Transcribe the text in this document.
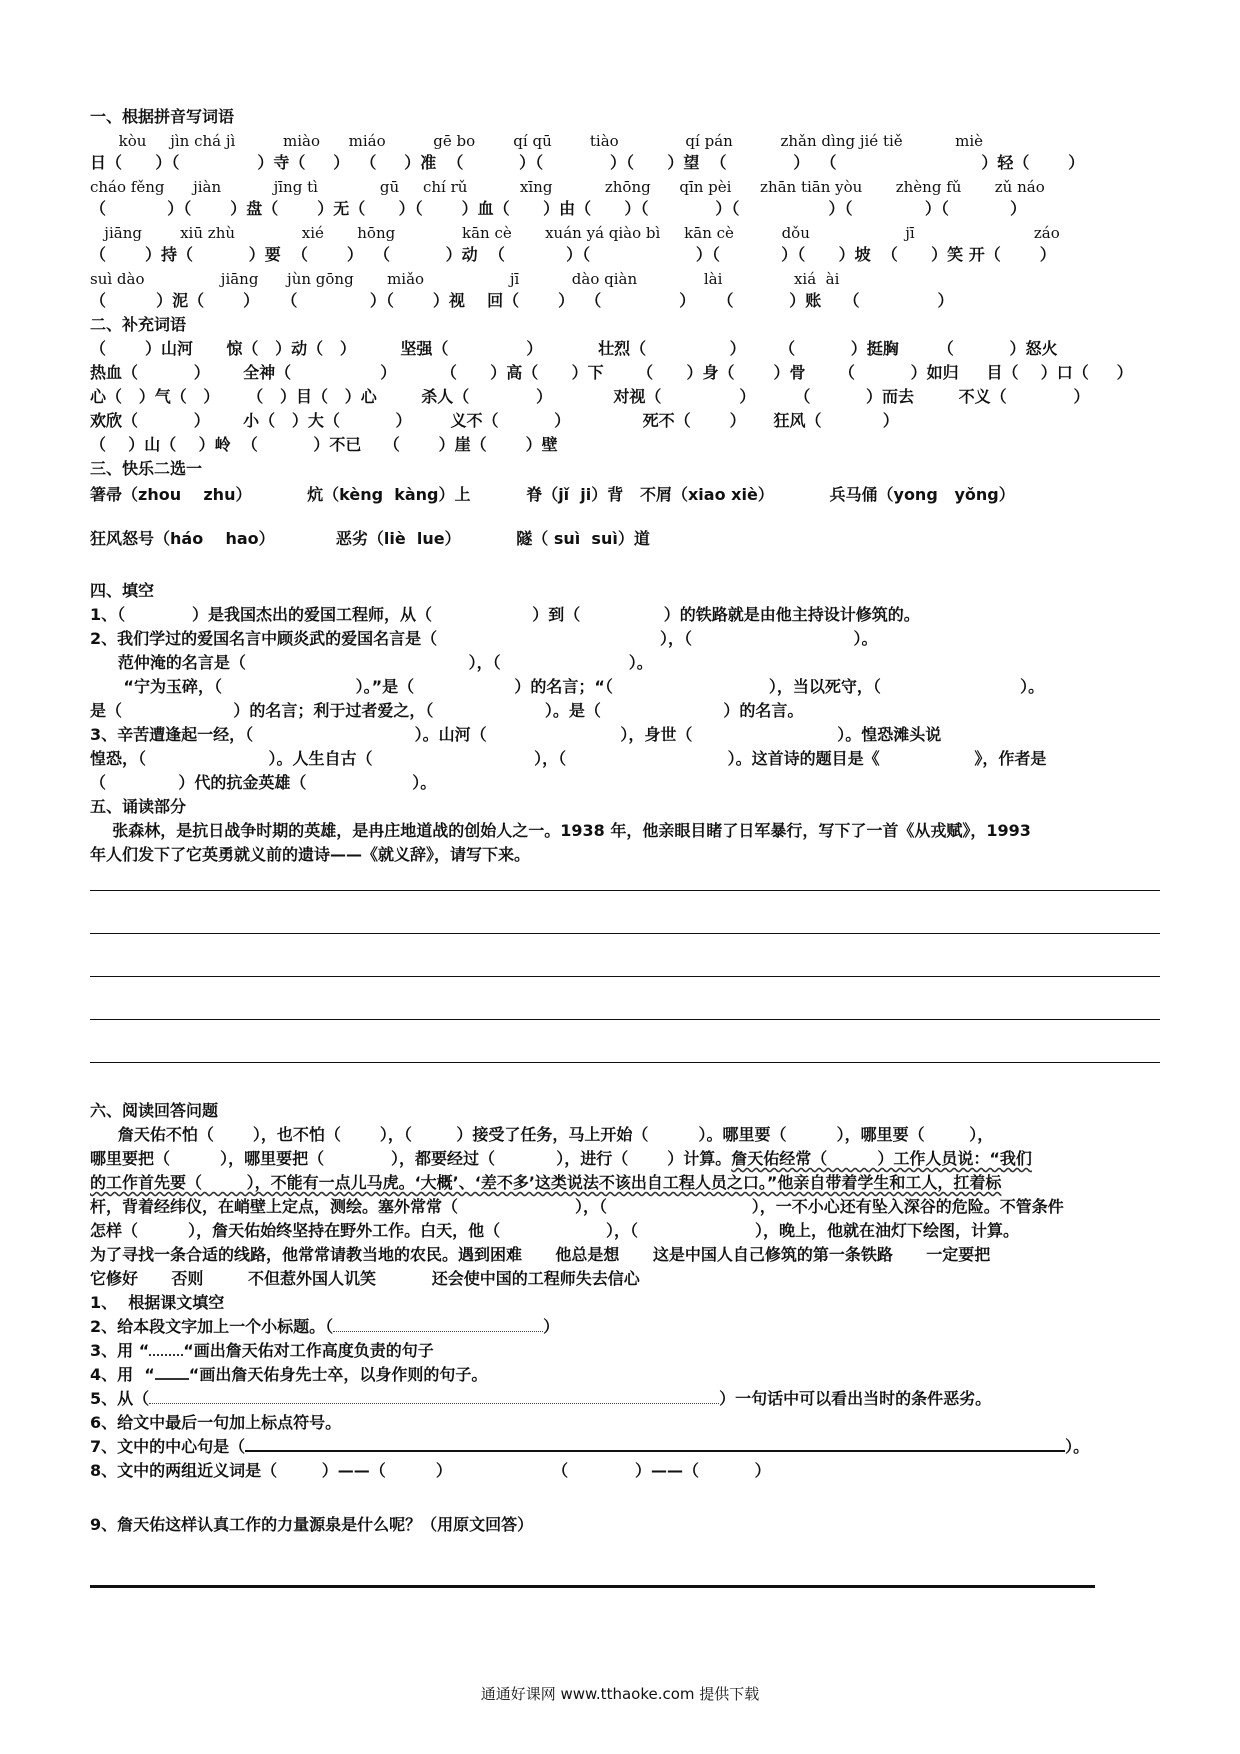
一、根据拼音写词语
kòu     jìn chá jì          miào      miáo          gē bo        qí qū        tiào              qí pán          zhǎn dìng jié tiě           miè
日（      ）（              ）寺（     ）  （     ）准  （          ）（            ）（      ）望  （            ）  （                          ）轻（       ）
cháo fěng      jiàn           jīng tì             gū     chí rǔ           xīng           zhōng      qīn pèi      zhān tiān yòu       zhèng fǔ       zǔ náo
（           ）（       ）盘（       ）无（      ）（       ）血（      ）由（      ）（            ）（                ）（             ）（           ）
jiāng        xiū zhù              xié       hōng              kān cè       xuán yá qiào bì     kān cè          dǒu                    jī                         záo
（       ）持（          ）要  （       ）  （          ）动  （           ）（                   ）（           ）（      ）坡  （      ）笑 开（       ）
suì dào                jiāng      jùn gōng       miǎo                  jī           dào qiàn              lài               xiá  ài
（         ）泥（       ）    （             ）（       ）视    回（       ）  （              ）    （          ）账    （              ）
二、补充词语
（       ）山河      惊（   ）动（   ）        坚强（              ）          壮烈（               ）      （          ）挺胸       （          ）怒火
热血（          ）      全神（                ）        （      ）高（      ）下      （      ）身（       ）骨      （          ）如归     目（    ）口（     ）
心（   ）气（   ）     （   ）目（   ）心        杀人（            ）           对视（              ）       （          ）而去        不义（            ）
欢欣（          ）      小（   ）大（          ）       义不（          ）             死不（       ）     狂风（           ）
（    ）山（    ）岭  （          ）不已    （       ）崖（       ）壁
三、快乐二选一
箸帚（zhou    zhu）          炕（kèng  kàng）上          脊（jǐ  ji）背   不屑（xiao xiè）          兵马俑（yong   yǒng）
狂风怒号（háo    hao）           恶劣（liè  lue）          隧（ suì  suì）道
四、填空
1、（            ）是我国杰出的爱国工程师，从（                  ）到（               ）的铁路就是由他主持设计修筑的。
2、我们学过的爱国名言中顾炎武的爱国名言是（                                        ），（                             ）。
范仲淹的名言是（                                        ），（                       ）。
“宁为玉碎，（                        ）。”是（                  ）的名言；“（                            ），当以死守，（                         ）。
是（                    ）的名言；利于过者爱之，（                    ）。是（                      ）的名言。
3、辛苦遭逢起一经，（                             ）。山河（                        ），身世（                          ）。惶恐滩头说
惶恐，（                      ）。人生自古（                             ），（                             ）。这首诗的题目是《                 》，作者是
（             ）代的抗金英雄（                   ）。
五、诵读部分
张森林，是抗日战争时期的英雄，是冉庄地道战的创始人之一。1938 年，他亲眼目睹了日军暴行，写下了一首《从戎赋》，1993
年人们发下了它英勇就义前的遗诗——《就义辞》，请写下来。
六、阅读回答问题
詹天佑不怕（       ），也不怕（       ），（        ）接受了任务，马上开始（         ）。哪里要（         ），哪里要（        ），
哪里要把（         ），哪里要把（            ），都要经过（           ），进行（       ）计算。詹天佑经常（         ）工作人员说：“我们
的工作首先要（        ），不能有一点儿马虎。‘大概’、‘差不多’这类说法不该出自工程人员之口。”他亲自带着学生和工人，扛着标
杆，背着经纬仪，在峭壁上定点，测绘。塞外常常（                     ），（                          ），一不小心还有坠入深谷的危险。不管条件
怎样（         ），詹天佑始终坚持在野外工作。白天，他（                   ），（                     ），晚上，他就在油灯下绘图，计算。
为了寻找一条合适的线路，他常常请教当地的农民。遇到困难      他总是想      这是中国人自己修筑的第一条铁路      一定要把
它修好      否则        不但惹外国人讥笑          还会使中国的工程师失去信心
1、  根据课文填空
2、给本段文字加上一个小标题。（	）
3、用 “ “画出詹天佑对工作高度负责的句子
4、用  “ “画出詹天佑身先士卒，以身作则的句子。
5、从（	）一句话中可以看出当时的条件恶劣。
6、给文中最后一句加上标点符号。
7、文中的中心句是（	）。
8、文中的两组近义词是（        ）——（         ）                  （            ）——（          ）
9、詹天佑这样认真工作的力量源泉是什么呢？（用原文回答）
通通好课网 www.tthaoke.com 提供下载
